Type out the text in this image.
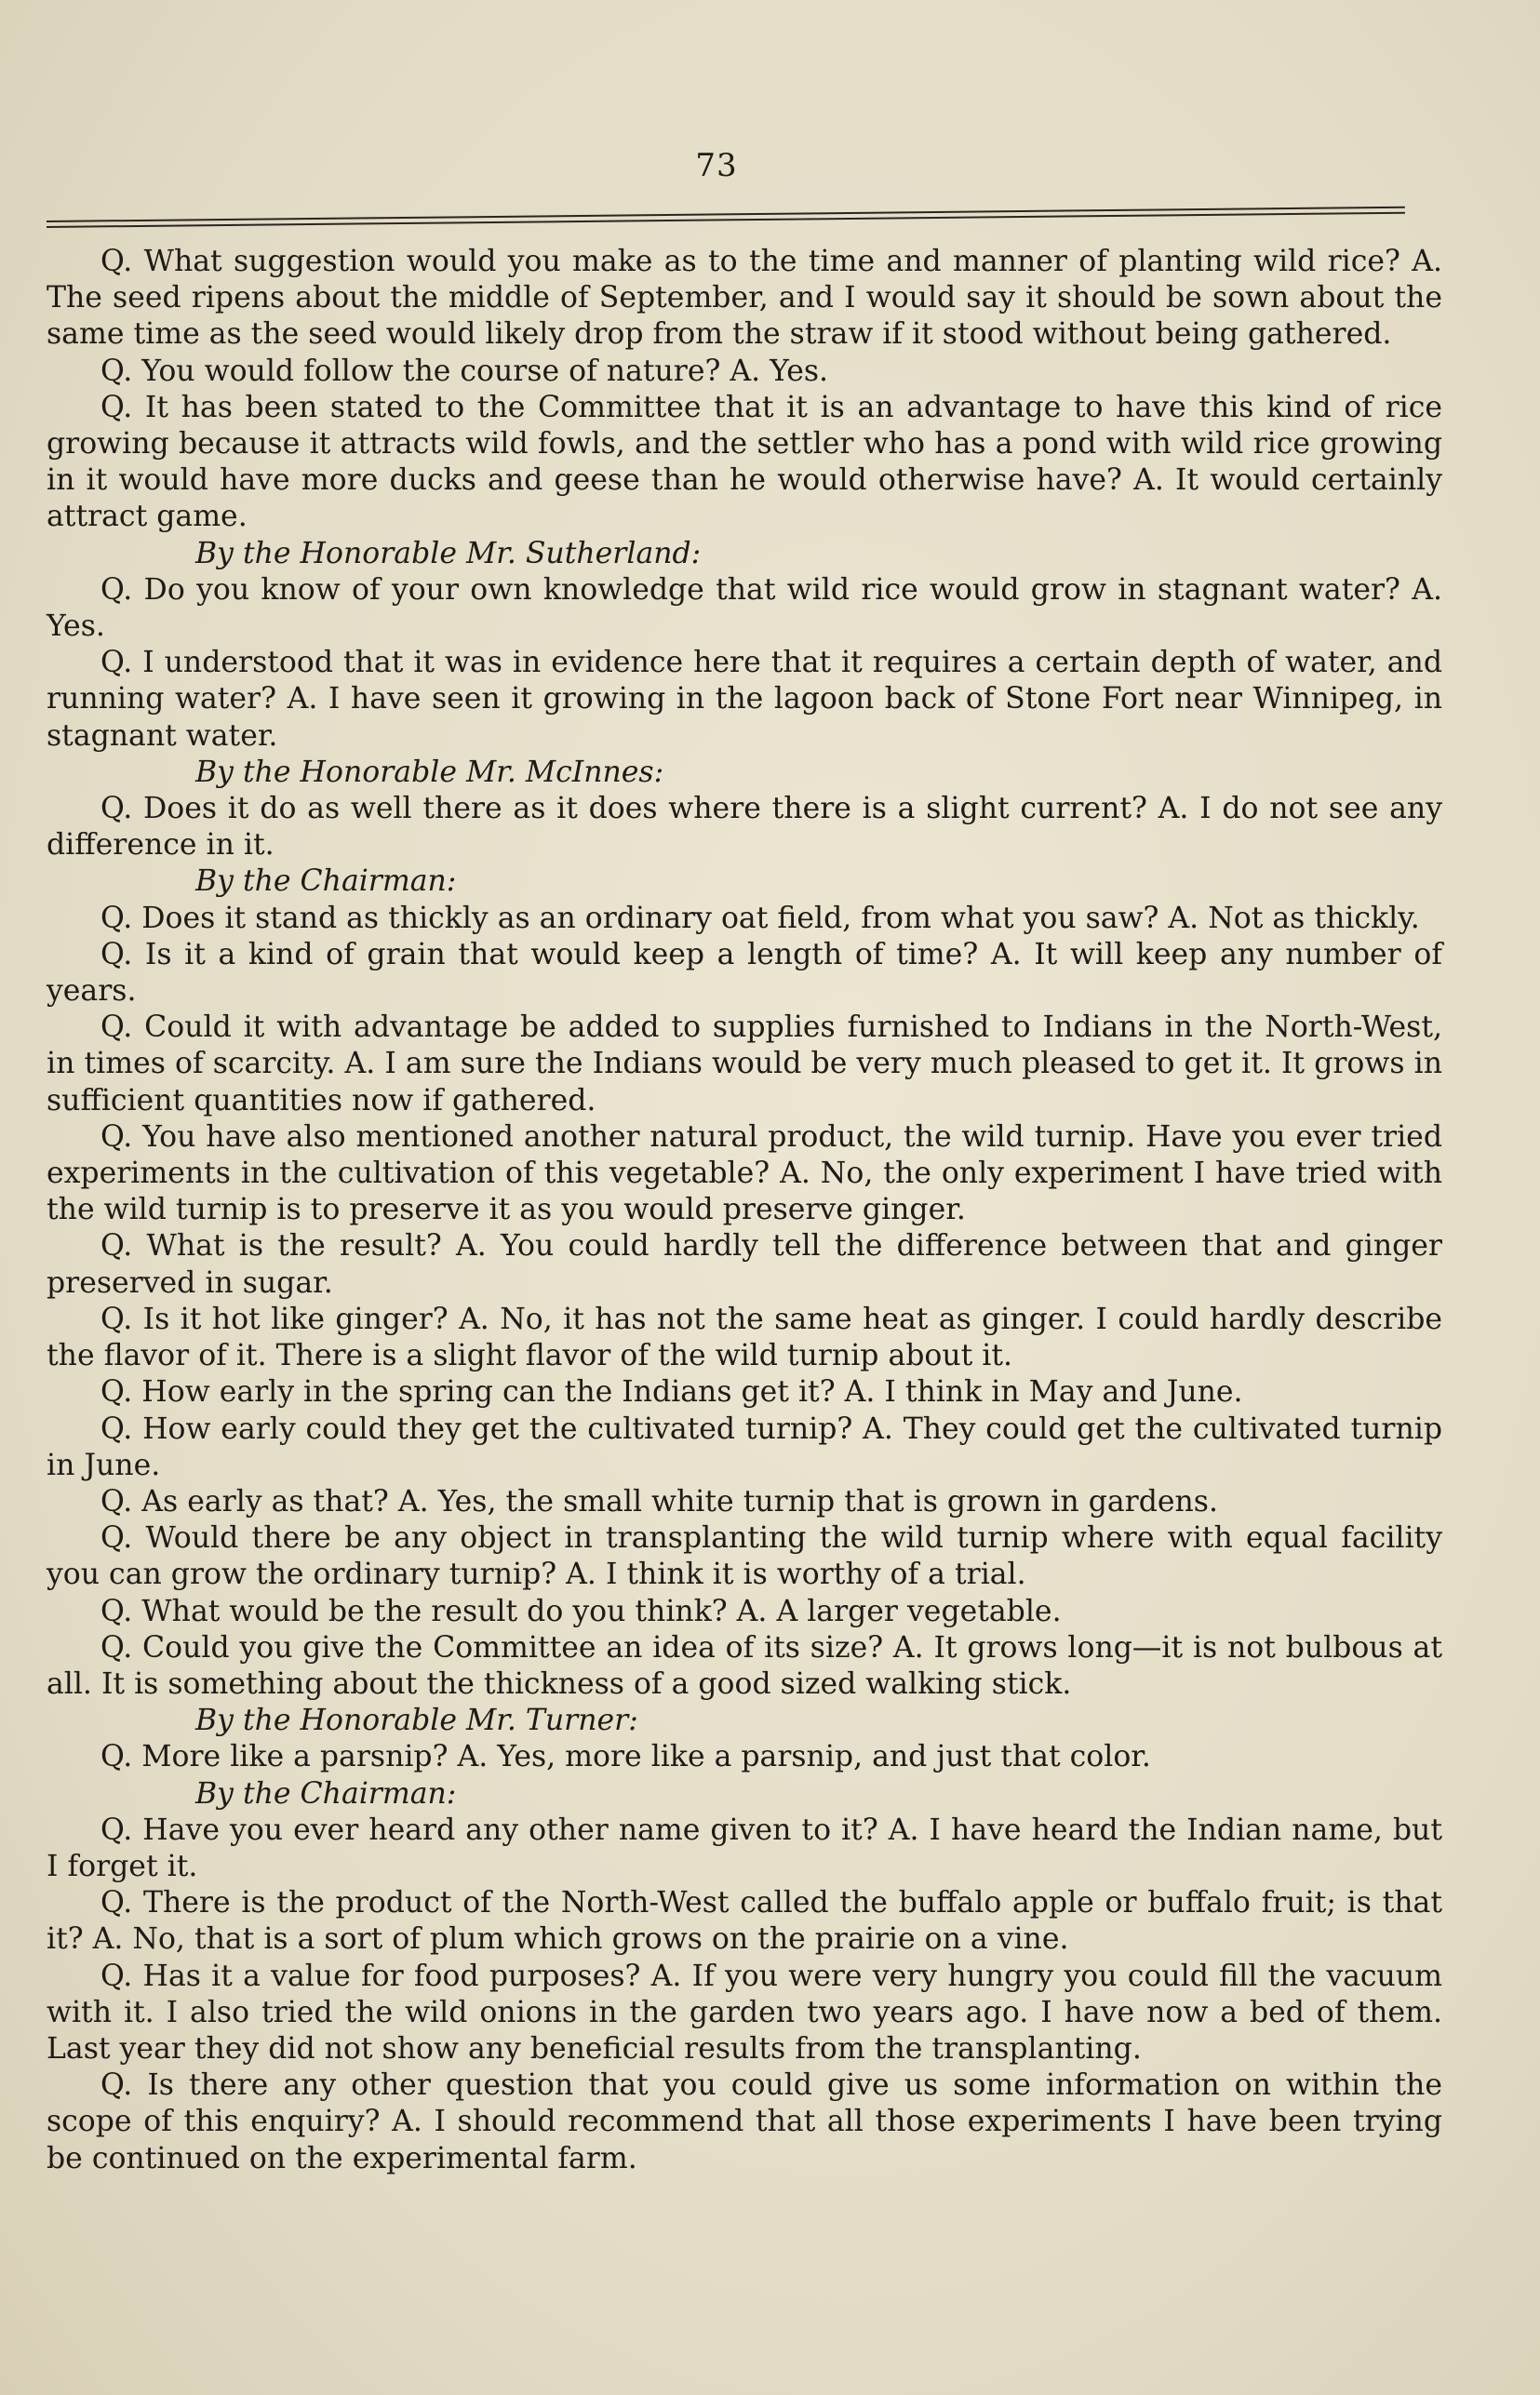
73

Q. What suggestion would you make as to the time and manner of planting wild rice? A. The seed ripens about the middle of September, and I would say it should be sown about the same time as the seed would likely drop from the straw if it stood without being gathered.

Q. You would follow the course of nature? A. Yes.

Q. It has been stated to the Committee that it is an advantage to have this kind of rice growing because it attracts wild fowls, and the settler who has a pond with wild rice growing in it would have more ducks and geese than he would otherwise have? A. It would certainly attract game.

By the Honorable Mr. Sutherland:

Q. Do you know of your own knowledge that wild rice would grow in stagnant water? A. Yes.

Q. I understood that it was in evidence here that it requires a certain depth of water, and running water? A. I have seen it growing in the lagoon back of Stone Fort near Winnipeg, in stagnant water.

By the Honorable Mr. McInnes:

Q. Does it do as well there as it does where there is a slight current? A. I do not see any difference in it.

By the Chairman:

Q. Does it stand as thickly as an ordinary oat field, from what you saw? A. Not as thickly.

Q. Is it a kind of grain that would keep a length of time? A. It will keep any number of years.

Q. Could it with advantage be added to supplies furnished to Indians in the North-West, in times of scarcity. A. I am sure the Indians would be very much pleased to get it. It grows in sufficient quantities now if gathered.

Q. You have also mentioned another natural product, the wild turnip. Have you ever tried experiments in the cultivation of this vegetable? A. No, the only experiment I have tried with the wild turnip is to preserve it as you would preserve ginger.

Q. What is the result? A. You could hardly tell the difference between that and ginger preserved in sugar.

Q. Is it hot like ginger? A. No, it has not the same heat as ginger. I could hardly describe the flavor of it. There is a slight flavor of the wild turnip about it.

Q. How early in the spring can the Indians get it? A. I think in May and June.

Q. How early could they get the cultivated turnip? A. They could get the cultivated turnip in June.

Q. As early as that? A. Yes, the small white turnip that is grown in gardens.

Q. Would there be any object in transplanting the wild turnip where with equal facility you can grow the ordinary turnip? A. I think it is worthy of a trial.

Q. What would be the result do you think? A. A larger vegetable.

Q. Could you give the Committee an idea of its size? A. It grows long—it is not bulbous at all. It is something about the thickness of a good sized walking stick.

By the Honorable Mr. Turner:

Q. More like a parsnip? A. Yes, more like a parsnip, and just that color.

By the Chairman:

Q. Have you ever heard any other name given to it? A. I have heard the Indian name, but I forget it.

Q. There is the product of the North-West called the buffalo apple or buffalo fruit; is that it? A. No, that is a sort of plum which grows on the prairie on a vine.

Q. Has it a value for food purposes? A. If you were very hungry you could fill the vacuum with it. I also tried the wild onions in the garden two years ago. I have now a bed of them. Last year they did not show any beneficial results from the transplanting.

Q. Is there any other question that you could give us some information on within the scope of this enquiry? A. I should recommend that all those experiments I have been trying be continued on the experimental farm.
